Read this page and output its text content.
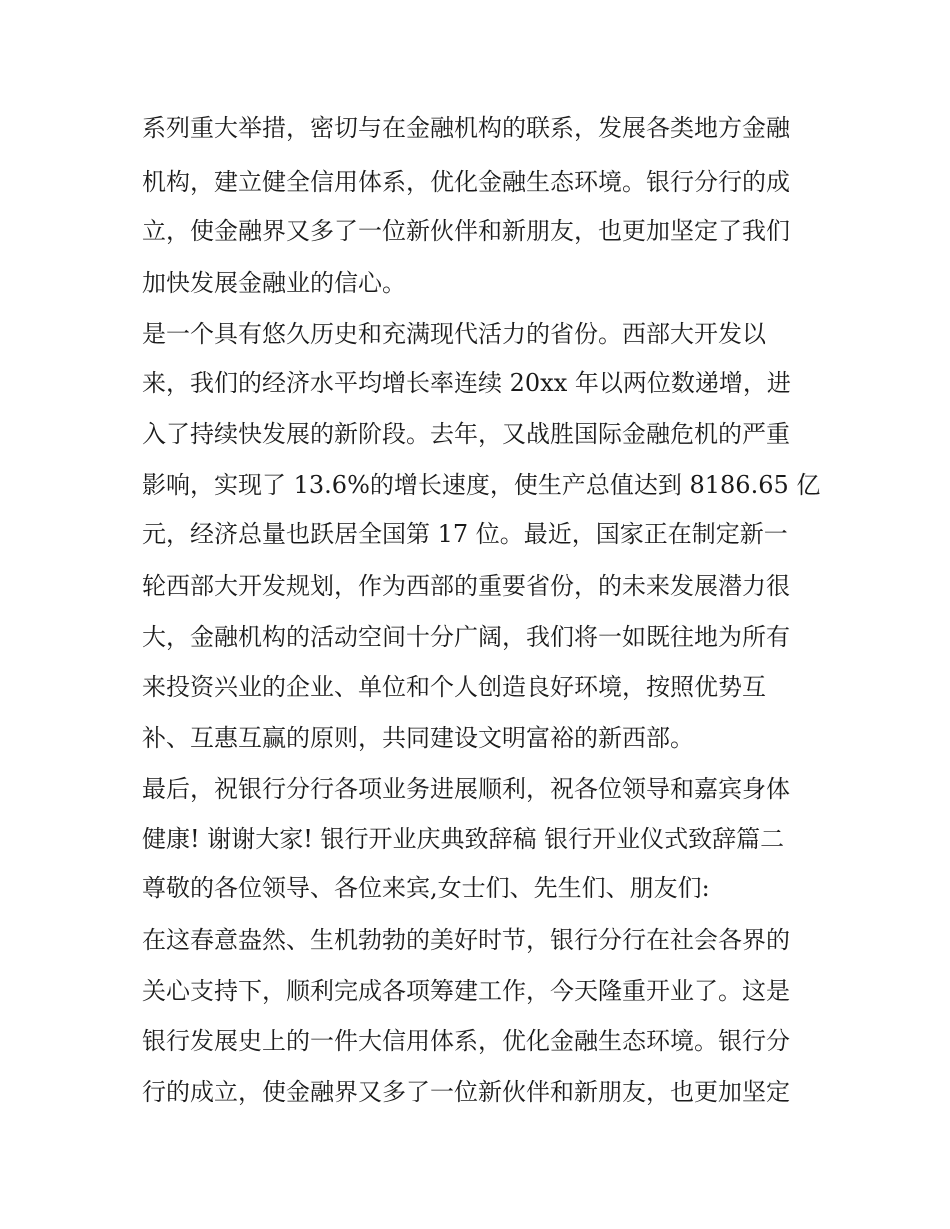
系列重大举措，密切与在金融机构的联系，发展各类地方金融
机构，建立健全信用体系，优化金融生态环境。银行分行的成
立，使金融界又多了一位新伙伴和新朋友，也更加坚定了我们
加快发展金融业的信心。
是一个具有悠久历史和充满现代活力的省份。西部大开发以
来，我们的经济水平均增长率连续 20xx 年以两位数递增，进
入了持续快发展的新阶段。去年，又战胜国际金融危机的严重
影响，实现了 13.6%的增长速度，使生产总值达到 8186.65 亿
元，经济总量也跃居全国第 17 位。最近，国家正在制定新一
轮西部大开发规划，作为西部的重要省份，的未来发展潜力很
大，金融机构的活动空间十分广阔，我们将一如既往地为所有
来投资兴业的企业、单位和个人创造良好环境，按照优势互
补、互惠互赢的原则，共同建设文明富裕的新西部。
最后，祝银行分行各项业务进展顺利，祝各位领导和嘉宾身体
健康! 谢谢大家! 银行开业庆典致辞稿 银行开业仪式致辞篇二
尊敬的各位领导、各位来宾,女士们、先生们、朋友们:
在这春意盎然、生机勃勃的美好时节，银行分行在社会各界的
关心支持下，顺利完成各项筹建工作，今天隆重开业了。这是
银行发展史上的一件大信用体系，优化金融生态环境。银行分
行的成立，使金融界又多了一位新伙伴和新朋友，也更加坚定
